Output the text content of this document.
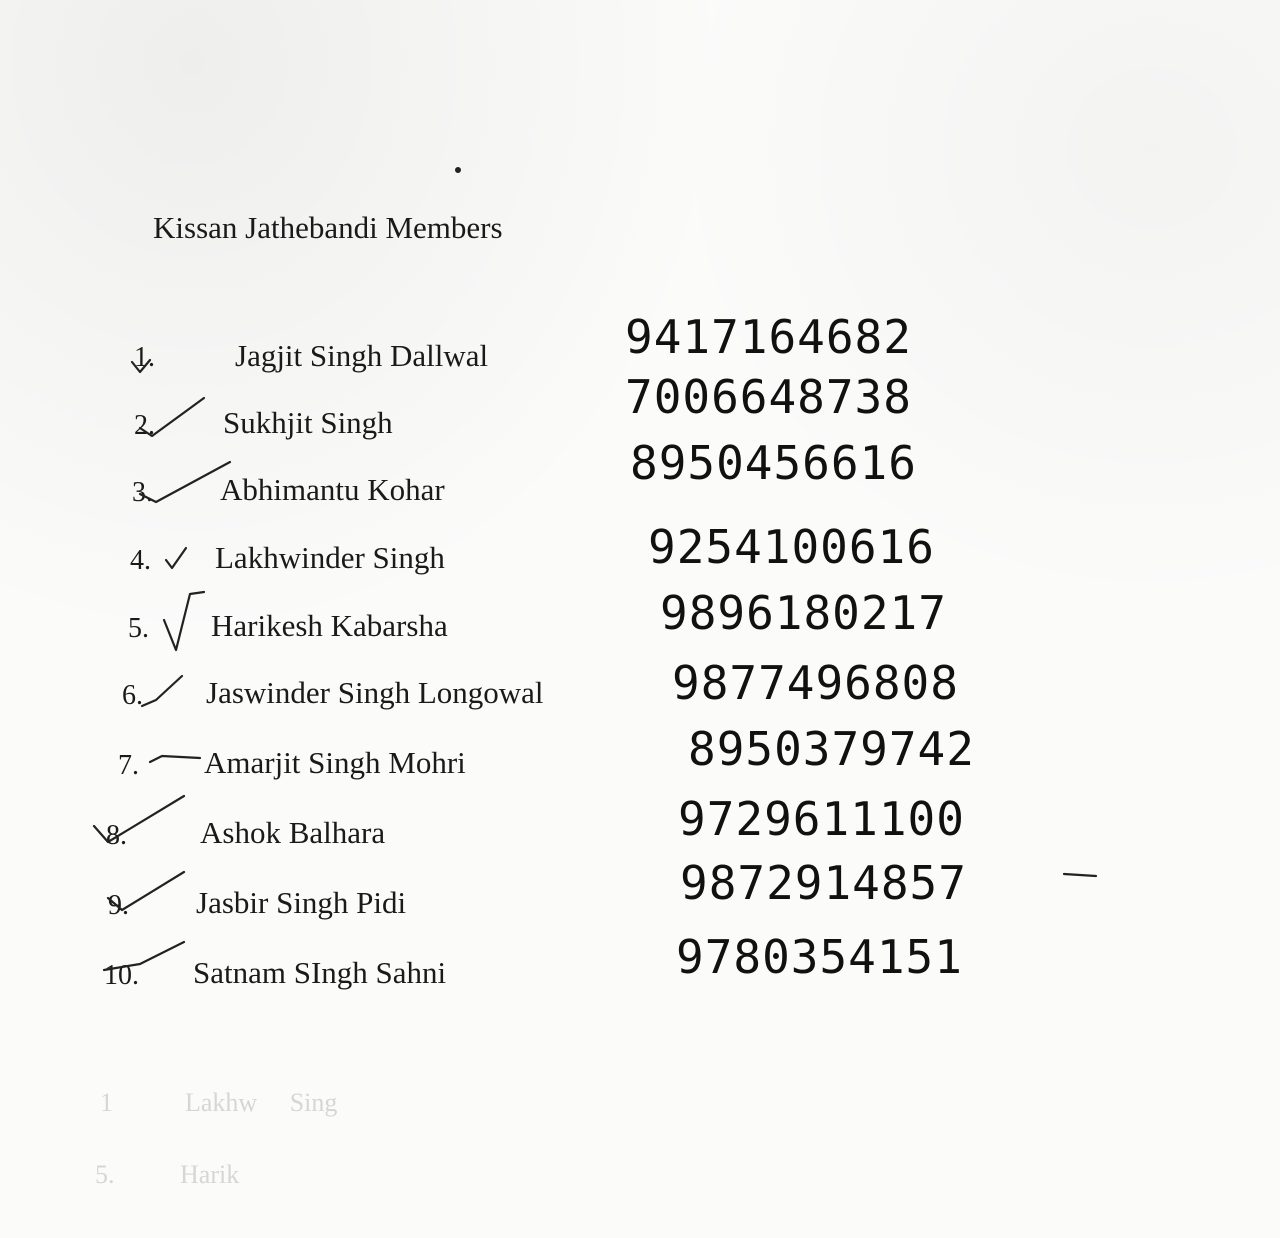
Kissan Jathebandi Members
1.	Jagjit Singh Dallwal	9417164682
2. Sukhjit Singh	7006648738
3. Abhimantu Kohar	8950456616
4. Lakhwinder Singh	9254100616
5. Harikesh Kabarsha	9896180217
6. Jaswinder Singh Longowal	9877496808
7. Amarjit Singh Mohri	8950379742
8. Ashok Balhara	9729611100
9. Jasbir Singh Pidi	9872914857
10. Satnam SIngh Sahni	9780354151
1	Lakhw     Sing
5.	Harik
